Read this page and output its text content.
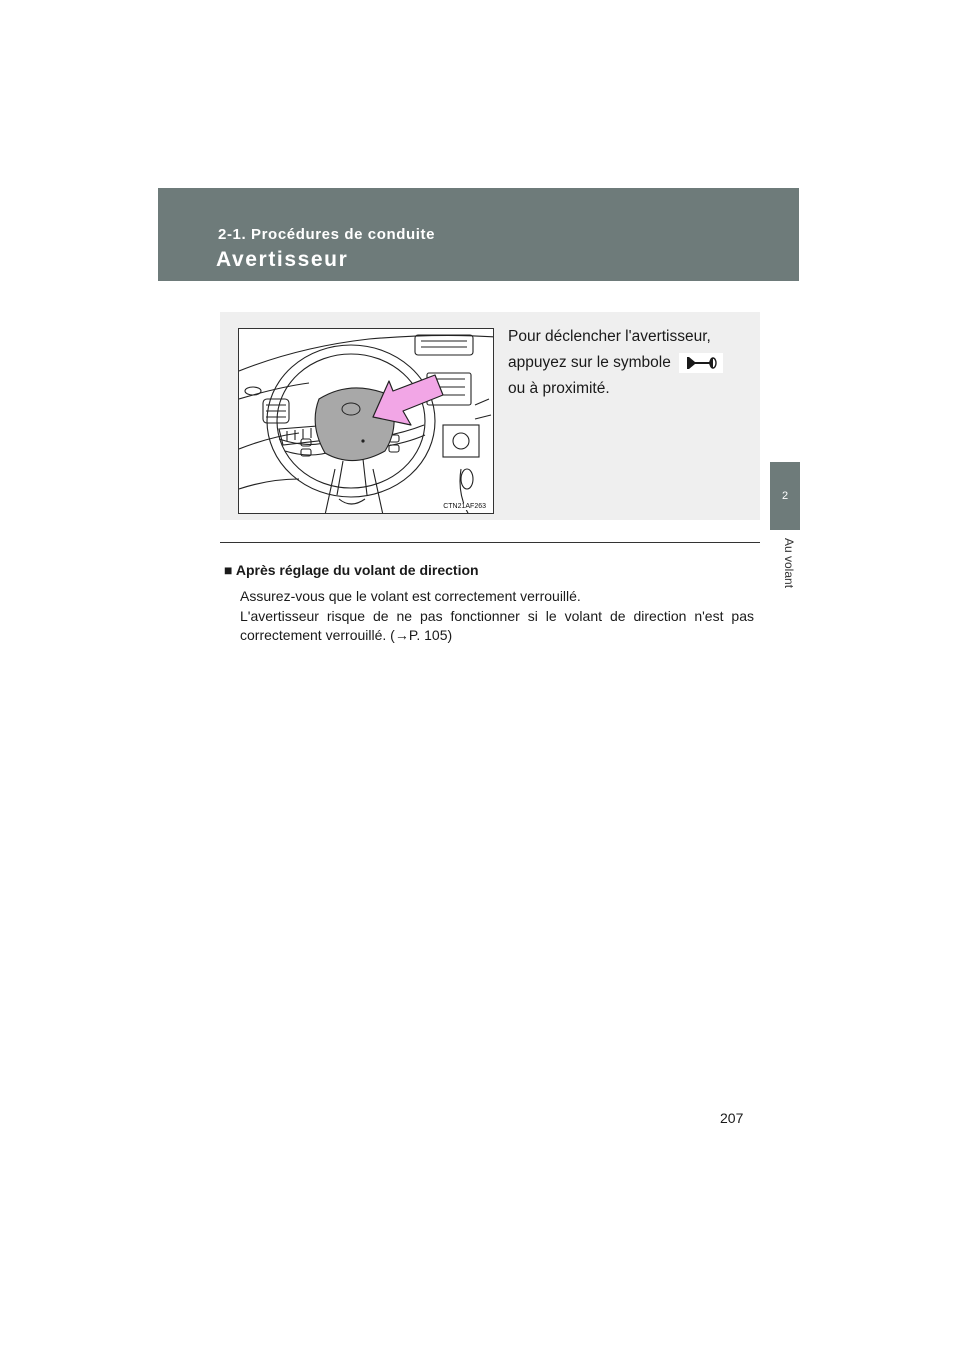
2-1. Procédures de conduite
Avertisseur
2
Au volant
CTN21AF263
Pour déclencher l'avertisseur,
appuyez sur le symbole
ou à proximité.
■ Après réglage du volant de direction

Assurez-vous que le volant est correctement verrouillé.

L'avertisseur risque de ne pas fonctionner si le volant de direction n'est pas correctement verrouillé. (→P. 105)

207
